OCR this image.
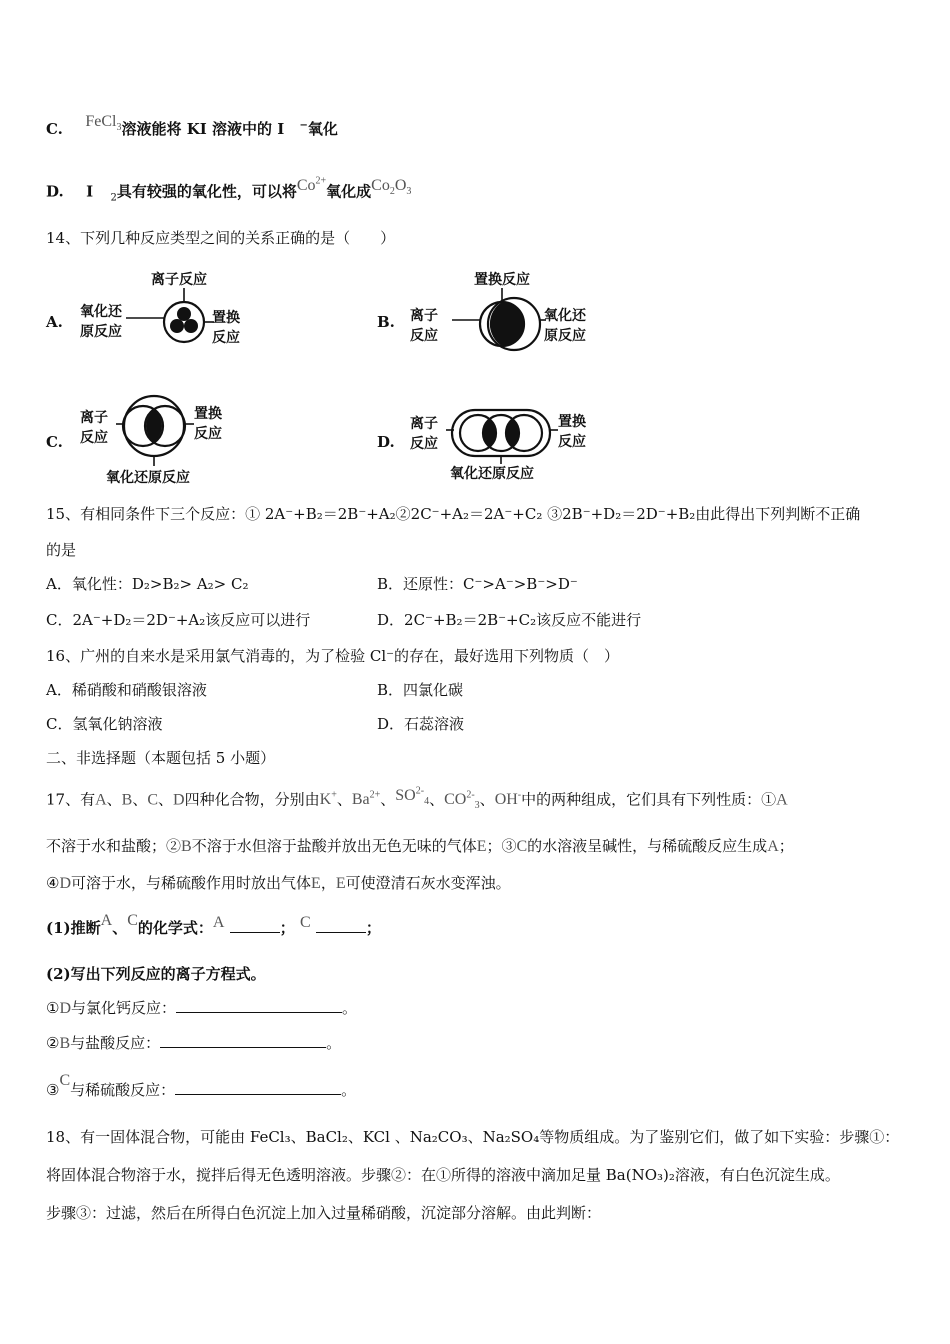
C. FeCl$_3$溶液能将 KI 溶液中的 I −氧化
D. I $_2$具有较强的氧化性，可以将$Co^{2+}$氧化成$Co_2O_3$
14、下列几种反应类型之间的关系正确的是（　　）
A.	B.
C.	D.
离子反应
氧化还
原反应
置换
反应
置换反应
离子
反应
氧化还
原反应
离子
反应
置换
反应
氧化还原反应
离子
反应
置换
反应
氧化还原反应
15、有相同条件下三个反应：① 2A⁻+B₂＝2B⁻+A₂②2C⁻+A₂＝2A⁻+C₂ ③2B⁻+D₂＝2D⁻+B₂由此得出下列判断不正确
的是
A．氧化性：D₂>B₂> A₂> C₂	B．还原性：C⁻>A⁻>B⁻>D⁻
C．2A⁻+D₂＝2D⁻+A₂该反应可以进行	D．2C⁻+B₂＝2B⁻+C₂该反应不能进行
16、广州的自来水是采用氯气消毒的，为了检验 Cl⁻的存在，最好选用下列物质（　）
A．稀硝酸和硝酸银溶液	B．四氯化碳
C．氢氧化钠溶液	D．石蕊溶液
二、非选择题（本题包括 5 小题）
17、有A、B、C、D四种化合物，分别由K+、$Ba^{2+}$、$SO^{2-}_4$、$CO^{2-}_3$、OH-中的两种组成，它们具有下列性质：①A
不溶于水和盐酸；②B不溶于水但溶于盐酸并放出无色无味的气体E；③C的水溶液呈碱性，与稀硫酸反应生成A；
④D可溶于水，与稀硫酸作用时放出气体E，E可使澄清石灰水变浑浊。
(1)推断A、C的化学式：A	； C	；
(2)写出下列反应的离子方程式。
①D与氯化钙反应：	。
②B与盐酸反应：	。
③C与稀硫酸反应：	。
18、有一固体混合物，可能由 FeCl₃、BaCl₂、KCl 、Na₂CO₃、Na₂SO₄等物质组成。为了鉴别它们，做了如下实验：步骤①：
将固体混合物溶于水，搅拌后得无色透明溶液。步骤②：在①所得的溶液中滴加足量 Ba(NO₃)₂溶液，有白色沉淀生成。
步骤③：过滤，然后在所得白色沉淀上加入过量稀硝酸，沉淀部分溶解。由此判断：
